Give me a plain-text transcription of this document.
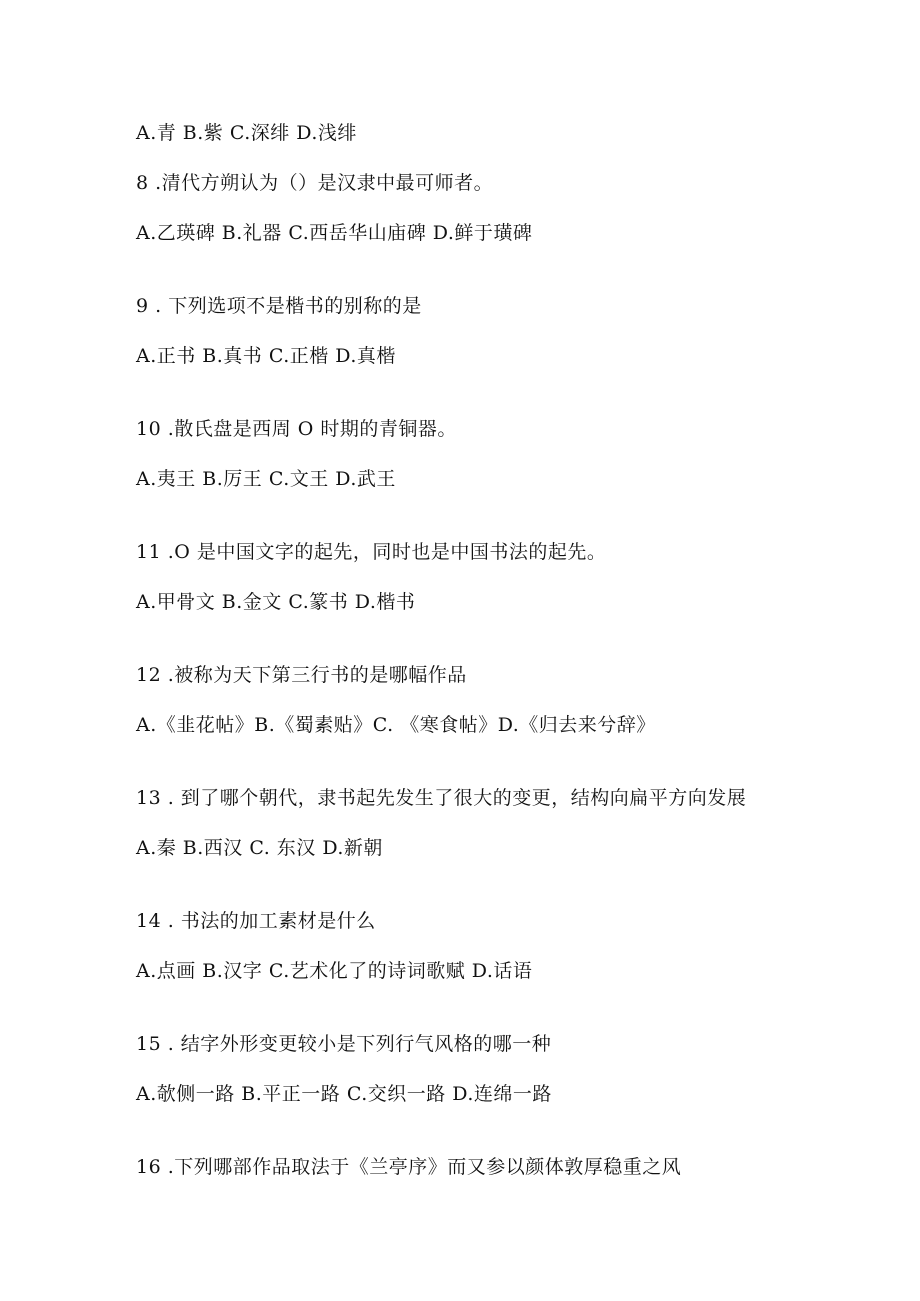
A.青 B.紫 C.深绯 D.浅绯
8 .清代方朔认为（）是汉隶中最可师者。
A.乙瑛碑 B.礼器 C.西岳华山庙碑 D.鲜于璜碑
9 . 下列选项不是楷书的别称的是
A.正书 B.真书 C.正楷 D.真楷
10 .散氏盘是西周 O 时期的青铜器。
A.夷王 B.厉王 C.文王 D.武王
11 .O 是中国文字的起先，同时也是中国书法的起先。
A.甲骨文 B.金文 C.篆书 D.楷书
12 .被称为天下第三行书的是哪幅作品
A.《韭花帖》B.《蜀素贴》C. 《寒食帖》D.《归去来兮辞》
13 . 到了哪个朝代，隶书起先发生了很大的变更，结构向扁平方向发展
A.秦 B.西汉 C. 东汉 D.新朝
14 . 书法的加工素材是什么
A.点画 B.汉字 C.艺术化了的诗词歌赋 D.话语
15 . 结字外形变更较小是下列行气风格的哪一种
A.欹侧一路 B.平正一路 C.交织一路 D.连绵一路
16 .下列哪部作品取法于《兰亭序》而又参以颜体敦厚稳重之风
